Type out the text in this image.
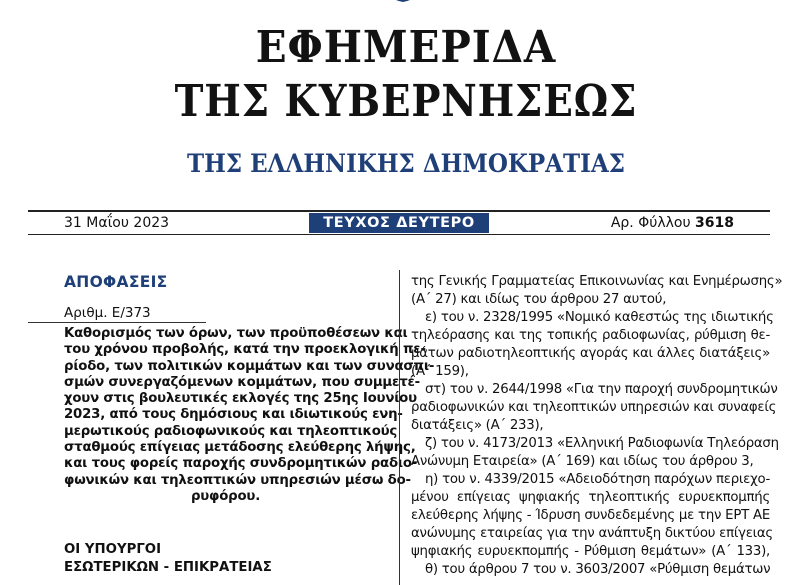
ΕΦΗΜΕΡΙΔΑ
ΤΗΣ ΚΥΒΕΡΝΗΣΕΩΣ
ΤΗΣ ΕΛΛΗΝΙΚΗΣ ΔΗΜΟΚΡΑΤΙΑΣ
31 Μαΐου 2023	ΤΕΥΧΟΣ ΔΕΥΤΕΡΟ	Αρ. Φύλλου 3618
ΑΠΟΦΑΣΕΙΣ
Αριθμ. Ε/373
Καθορισμός των όρων, των προϋποθέσεων και
του χρόνου προβολής, κατά την προεκλογική πε-
ρίοδο, των πολιτικών κομμάτων και των συνασπι-
σμών συνεργαζόμενων κομμάτων, που συμμετέ-
χουν στις βουλευτικές εκλογές της 25ης Ιουνίου
2023, από τους δημόσιους και ιδιωτικούς ενη-
μερωτικούς ραδιοφωνικούς και τηλεοπτικούς
σταθμούς επίγειας μετάδοσης ελεύθερης λήψης,
και τους φορείς παροχής συνδρομητικών ραδιο-
φωνικών και τηλεοπτικών υπηρεσιών μέσω δο-
ρυφόρου.
ΟΙ ΥΠΟΥΡΓΟΙ
ΕΣΩΤΕΡΙΚΩΝ - ΕΠΙΚΡΑΤΕΙΑΣ
της Γενικής Γραμματείας Επικοινωνίας και Ενημέρωσης»
(Α΄ 27) και ιδίως του άρθρου 27 αυτού,
ε) του ν. 2328/1995 «Νομικό καθεστώς της ιδιωτικής
τηλεόρασης και της τοπικής ραδιοφωνίας, ρύθμιση θε-
μάτων ραδιοτηλεοπτικής αγοράς και άλλες διατάξεις»
(Α΄ 159),
στ) του ν. 2644/1998 «Για την παροχή συνδρομητικών
ραδιοφωνικών και τηλεοπτικών υπηρεσιών και συναφείς
διατάξεις» (Α΄ 233),
ζ) του ν. 4173/2013 «Ελληνική Ραδιοφωνία Τηλεόραση
Ανώνυμη Εταιρεία» (Α΄ 169) και ιδίως του άρθρου 3,
η) του ν. 4339/2015 «Αδειοδότηση παρόχων περιεχο-
μένου επίγειας ψηφιακής τηλεοπτικής ευρυεκπομπής
ελεύθερης λήψης - Ίδρυση συνδεδεμένης με την ΕΡΤ ΑΕ
ανώνυμης εταιρείας για την ανάπτυξη δικτύου επίγειας
ψηφιακής ευρυεκπομπής - Ρύθμιση θεμάτων» (Α΄ 133),
θ) του άρθρου 7 του ν. 3603/2007 «Ρύθμιση θεμάτων
